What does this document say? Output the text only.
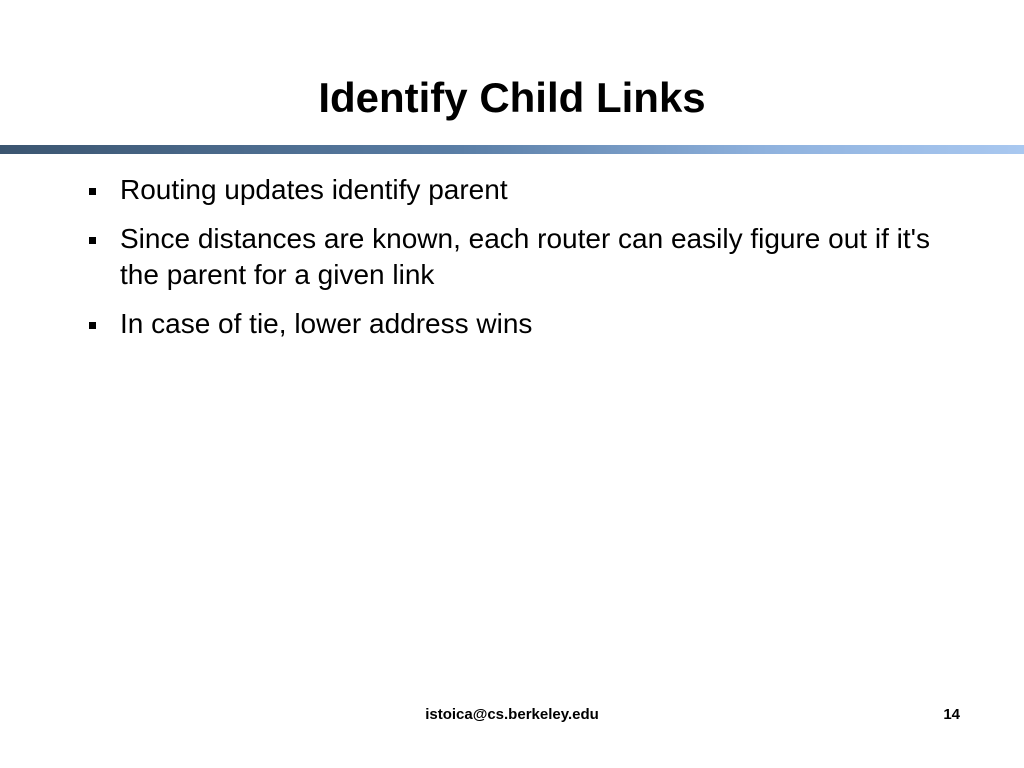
Identify Child Links
Routing updates identify parent
Since distances are known, each router can easily figure out if it's the parent for a given link
In case of tie, lower address wins
istoica@cs.berkeley.edu	14
